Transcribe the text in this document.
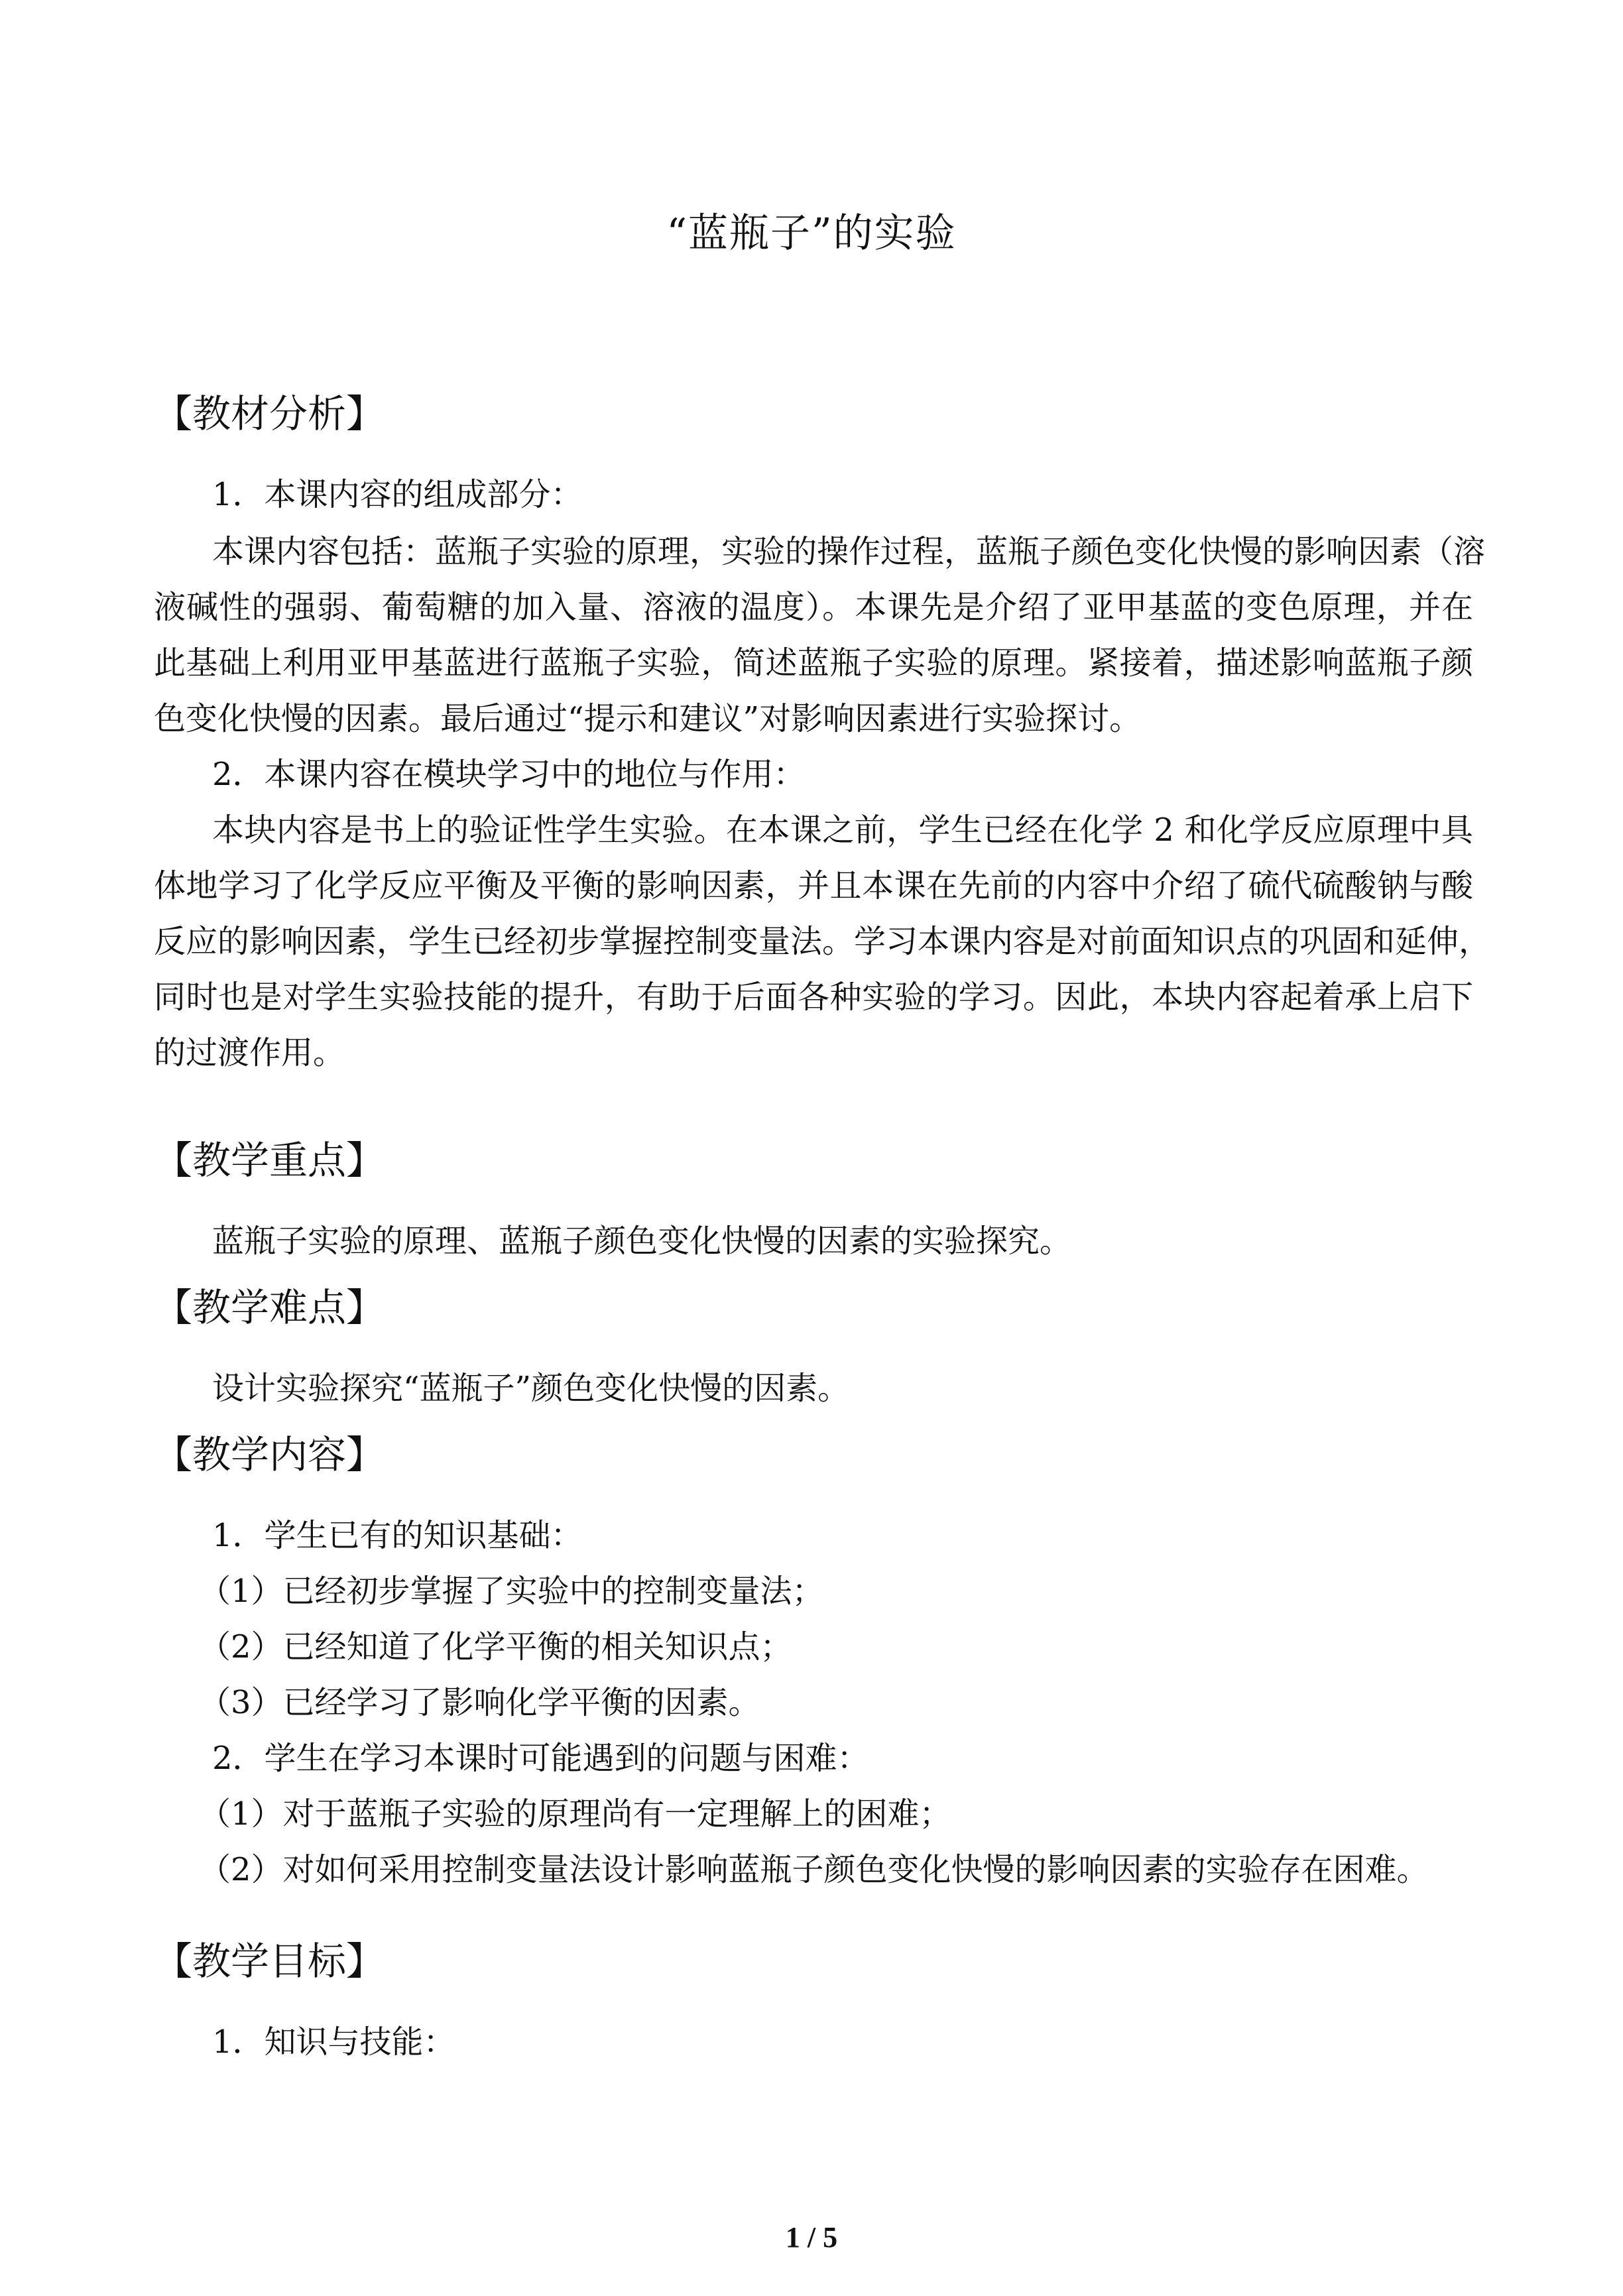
“蓝瓶子”的实验
【教材分析】
1．本课内容的组成部分：
本课内容包括：蓝瓶子实验的原理，实验的操作过程，蓝瓶子颜色变化快慢的影响因素（溶
液碱性的强弱、葡萄糖的加入量、溶液的温度）。本课先是介绍了亚甲基蓝的变色原理，并在
此基础上利用亚甲基蓝进行蓝瓶子实验，简述蓝瓶子实验的原理。紧接着，描述影响蓝瓶子颜
色变化快慢的因素。最后通过“提示和建议”对影响因素进行实验探讨。
2．本课内容在模块学习中的地位与作用：
本块内容是书上的验证性学生实验。在本课之前，学生已经在化学 2 和化学反应原理中具
体地学习了化学反应平衡及平衡的影响因素，并且本课在先前的内容中介绍了硫代硫酸钠与酸
反应的影响因素，学生已经初步掌握控制变量法。学习本课内容是对前面知识点的巩固和延伸，
同时也是对学生实验技能的提升，有助于后面各种实验的学习。因此，本块内容起着承上启下
的过渡作用。
【教学重点】
蓝瓶子实验的原理、蓝瓶子颜色变化快慢的因素的实验探究。
【教学难点】
设计实验探究“蓝瓶子”颜色变化快慢的因素。
【教学内容】
1．学生已有的知识基础：
（1）已经初步掌握了实验中的控制变量法；
（2）已经知道了化学平衡的相关知识点；
（3）已经学习了影响化学平衡的因素。
2．学生在学习本课时可能遇到的问题与困难：
（1）对于蓝瓶子实验的原理尚有一定理解上的困难；
（2）对如何采用控制变量法设计影响蓝瓶子颜色变化快慢的影响因素的实验存在困难。
【教学目标】
1．知识与技能：
1 / 5
